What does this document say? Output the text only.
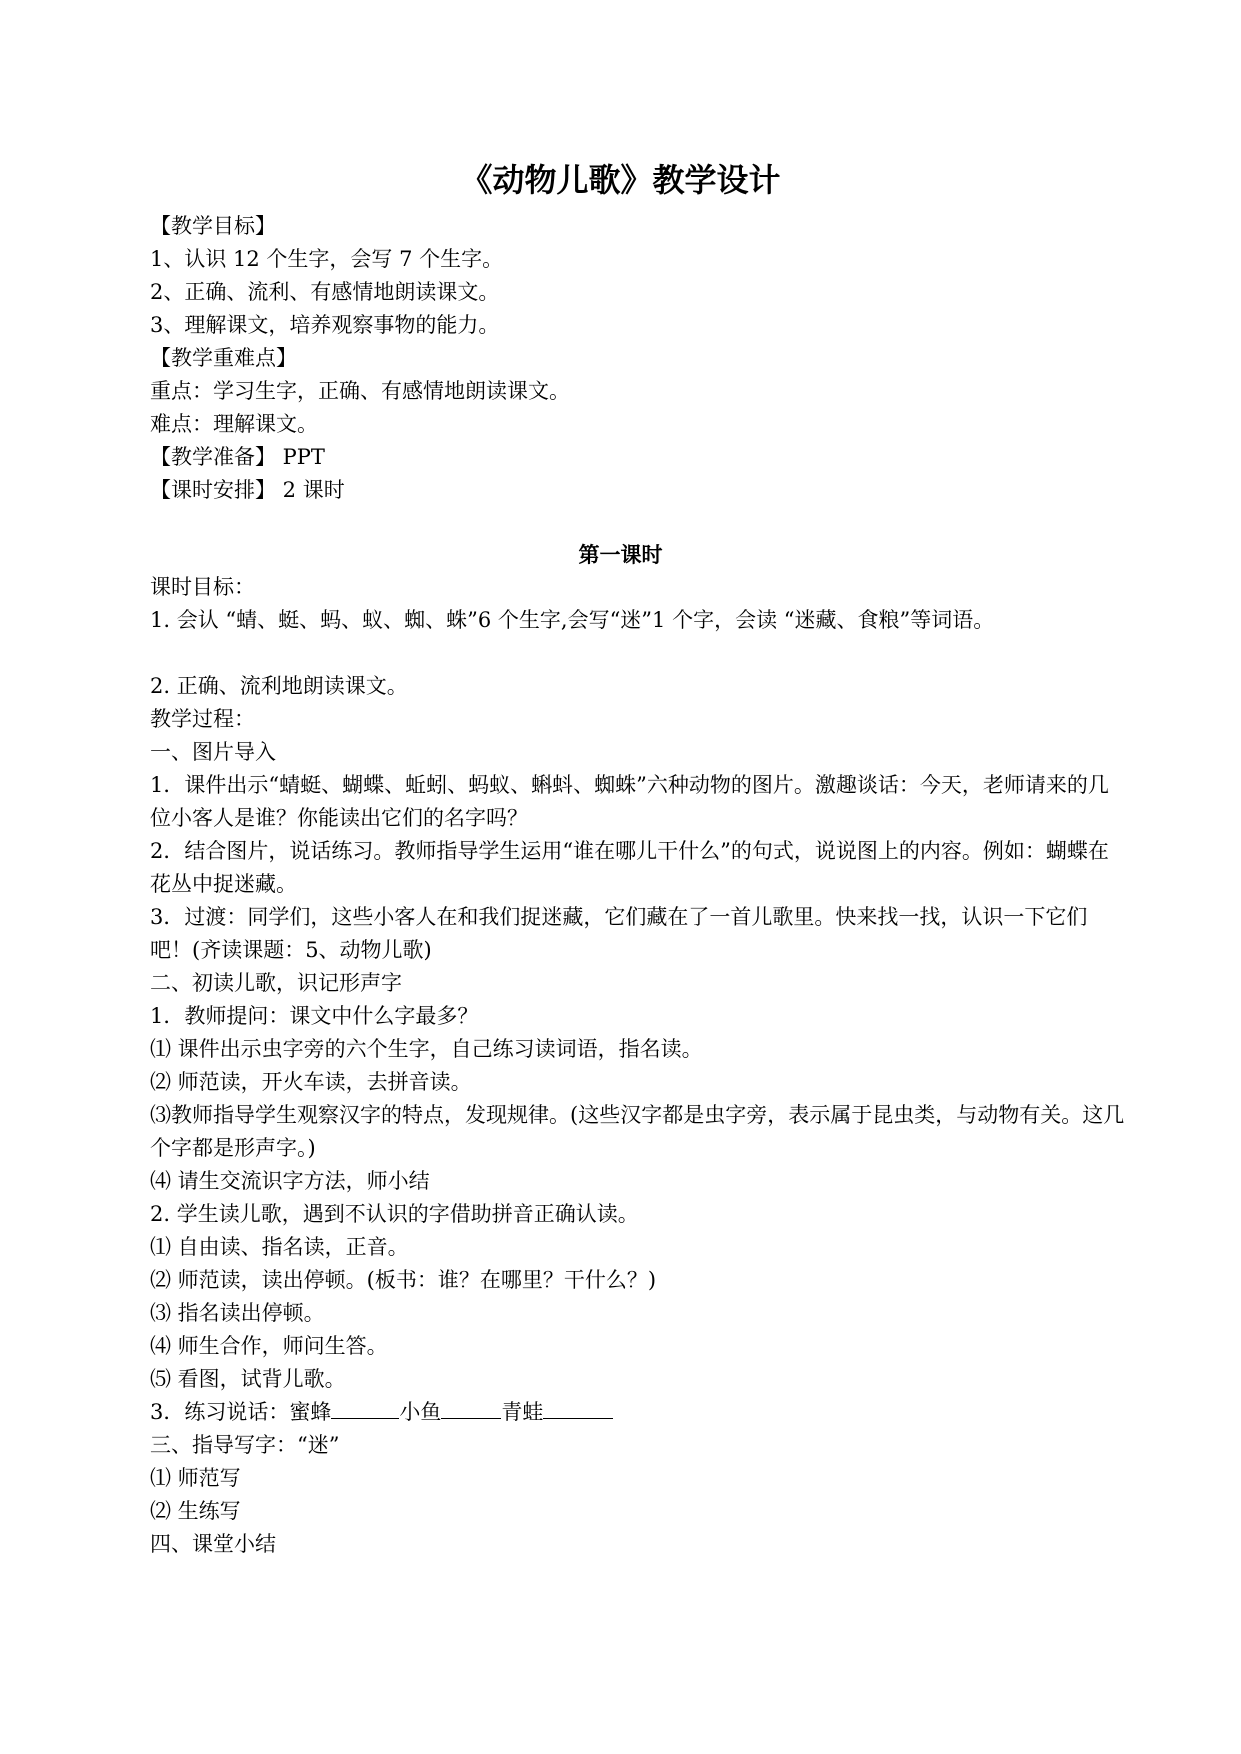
《动物儿歌》教学设计
【教学目标】
1、认识 12 个生字，会写 7 个生字。
2、正确、流利、有感情地朗读课文。
3、理解课文，培养观察事物的能力。
【教学重难点】
重点：学习生字，正确、有感情地朗读课文。
难点：理解课文。
【教学准备】 PPT
【课时安排】 2 课时
第一课时
课时目标：
1. 会认 “蜻、蜓、蚂、蚁、蜘、蛛”6 个生字,会写“迷”1 个字，会读 “迷藏、食粮”等词语。
2. 正确、流利地朗读课文。
教学过程：
一、图片导入
1．课件出示“蜻蜓、蝴蝶、蚯蚓、蚂蚁、蝌蚪、蜘蛛”六种动物的图片。激趣谈话：今天，老师请来的几位小客人是谁？你能读出它们的名字吗？
2．结合图片，说话练习。教师指导学生运用“谁在哪儿干什么”的句式，说说图上的内容。例如：蝴蝶在花丛中捉迷藏。
3．过渡：同学们，这些小客人在和我们捉迷藏，它们藏在了一首儿歌里。快来找一找，认识一下它们吧！(齐读课题：5、动物儿歌)
二、初读儿歌，识记形声字
1．教师提问：课文中什么字最多？
⑴ 课件出示虫字旁的六个生字，自己练习读词语，指名读。
⑵ 师范读，开火车读，去拼音读。
⑶教师指导学生观察汉字的特点，发现规律。(这些汉字都是虫字旁，表示属于昆虫类，与动物有关。这几个字都是形声字。)
⑷ 请生交流识字方法，师小结
2. 学生读儿歌，遇到不认识的字借助拼音正确认读。
⑴ 自由读、指名读，正音。
⑵ 师范读，读出停顿。(板书：谁？在哪里？干什么？)
⑶ 指名读出停顿。
⑷ 师生合作，师问生答。
⑸ 看图，试背儿歌。
3．练习说话：蜜蜂	小鱼	青蛙
三、指导写字：“迷”
⑴ 师范写
⑵ 生练写
四、课堂小结
